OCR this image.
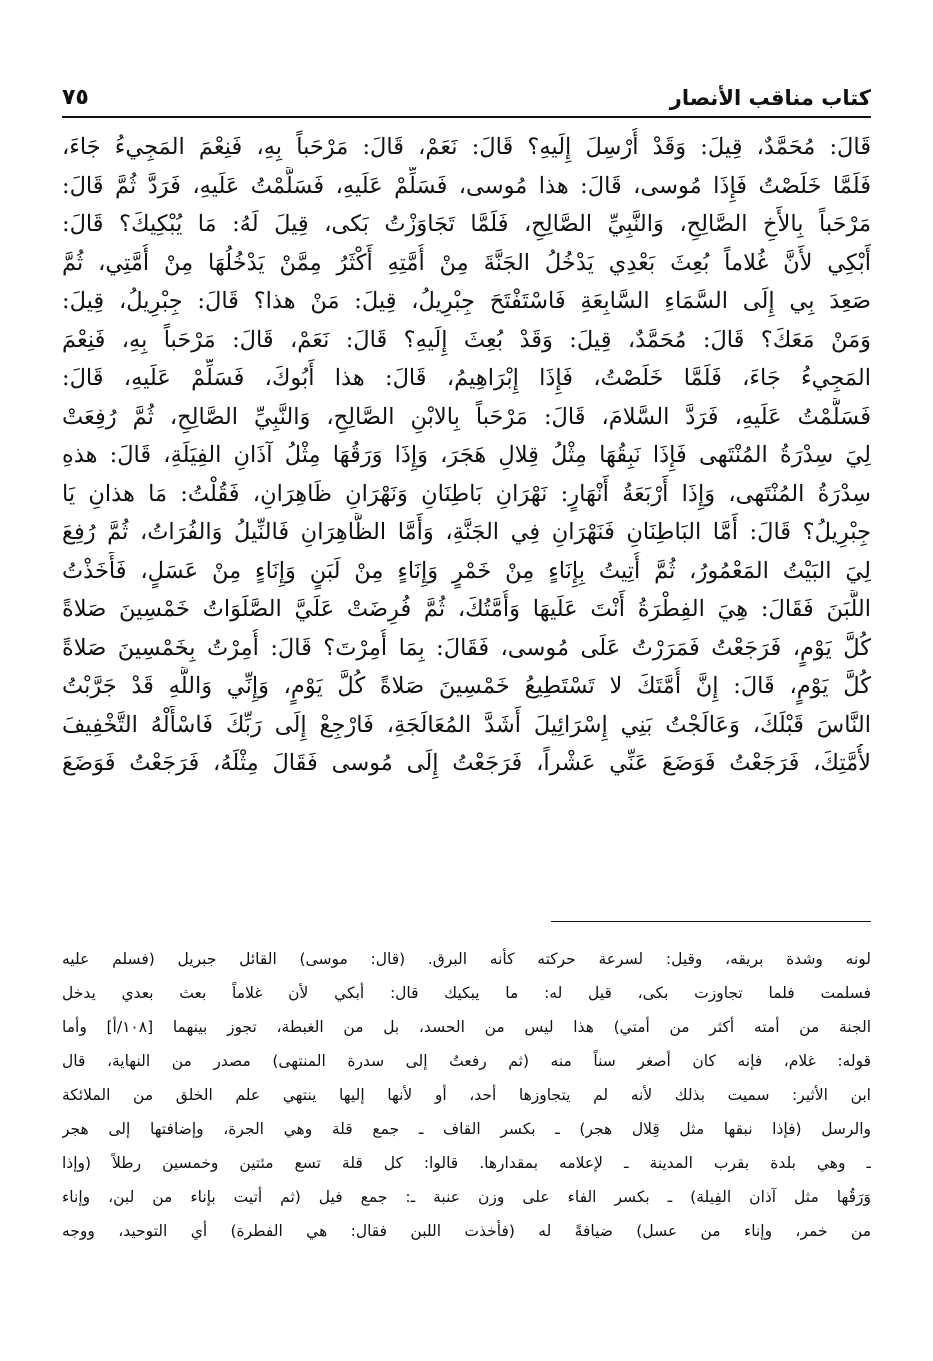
كتاب مناقب الأنصار
٧٥
قَالَ: مُحَمَّدٌ، قِيلَ: وَقَدْ أُرْسِلَ إِلَيهِ؟ قَالَ: نَعَمْ، قَالَ: مَرْحَباً بِهِ، فَنِعْمَ المَجِيءُ جَاءَ،
فَلَمَّا خَلَصْتُ فَإِذَا مُوسى، قَالَ: هذا مُوسى، فَسَلِّمْ عَلَيهِ، فَسَلَّمْتُ عَلَيهِ، فَرَدَّ ثُمَّ قَالَ:
مَرْحَباً بِالأَخِ الصَّالِحِ، وَالنَّبِيِّ الصَّالِحِ، فَلَمَّا تَجَاوَزْتُ بَكى، قِيلَ لَهُ: مَا يُبْكِيكَ؟ قَالَ:
أَبْكِي لأَنَّ غُلاماً بُعِثَ بَعْدِي يَدْخُلُ الجَنَّةَ مِنْ أُمَّتِهِ أَكْثَرُ مِمَّنْ يَدْخُلُهَا مِنْ أُمَّتِي، ثُمَّ
صَعِدَ بِي إِلَى السَّمَاءِ السَّابِعَةِ فَاسْتَفْتَحَ جِبْرِيلُ، قِيلَ: مَنْ هذا؟ قَالَ: جِبْرِيلُ، قِيلَ:
وَمَنْ مَعَكَ؟ قَالَ: مُحَمَّدٌ، قِيلَ: وَقَدْ بُعِثَ إِلَيهِ؟ قَالَ: نَعَمْ، قَالَ: مَرْحَباً بِهِ، فَنِعْمَ
المَجِيءُ جَاءَ، فَلَمَّا خَلَصْتُ، فَإِذَا إِبْرَاهِيمُ، قَالَ: هذا أَبُوكَ، فَسَلِّمْ عَلَيهِ، قَالَ:
فَسَلَّمْتُ عَلَيهِ، فَرَدَّ السَّلامَ، قَالَ: مَرْحَباً بِالابْنِ الصَّالِحِ، وَالنَّبِيِّ الصَّالِحِ، ثُمَّ رُفِعَتْ
لِيَ سِدْرَةُ المُنْتَهى فَإِذَا نَبِقُهَا مِثْلُ قِلالِ هَجَرَ، وَإِذَا وَرَقُهَا مِثْلُ آذَانِ الفِيَلَةِ، قَالَ: هذهِ
سِدْرَةُ المُنْتَهى، وَإِذَا أَرْبَعَةُ أَنْهَارٍ: نَهْرَانِ بَاطِنَانِ وَنَهْرَانِ ظَاهِرَانِ، فَقُلْتُ: مَا هذانِ يَا
جِبْرِيلُ؟ قَالَ: أَمَّا البَاطِنَانِ فَنَهْرَانِ فِي الجَنَّةِ، وَأَمَّا الظَّاهِرَانِ فَالنِّيلُ وَالفُرَاتُ، ثُمَّ رُفِعَ
لِيَ البَيْتُ المَعْمُورُ، ثُمَّ أُتِيتُ بِإِنَاءٍ مِنْ خَمْرٍ وَإِنَاءٍ مِنْ لَبَنٍ وَإِنَاءٍ مِنْ عَسَلٍ، فَأَخَذْتُ
اللَّبَنَ فَقَالَ: هِيَ الفِطْرَةُ أَنْتَ عَلَيهَا وَأُمَّتُكَ، ثُمَّ فُرِضَتْ عَلَيَّ الصَّلَوَاتُ خَمْسِينَ صَلاةً
كُلَّ يَوْمٍ، فَرَجَعْتُ فَمَرَرْتُ عَلَى مُوسى، فَقَالَ: بِمَا أُمِرْتَ؟ قَالَ: أُمِرْتُ بِخَمْسِينَ صَلاةً
كُلَّ يَوْمٍ، قَالَ: إِنَّ أُمَّتَكَ لا تَسْتَطِيعُ خَمْسِينَ صَلاةً كُلَّ يَوْمٍ، وَإِنِّي وَاللَّهِ قَدْ جَرَّبْتُ
النَّاسَ قَبْلَكَ، وَعَالَجْتُ بَنِي إِسْرَائِيلَ أَشَدَّ المُعَالَجَةِ، فَارْجِعْ إِلَى رَبِّكَ فَاسْأَلْهُ التَّخْفِيفَ
لأُمَّتِكَ، فَرَجَعْتُ فَوَضَعَ عَنِّي عَشْراً، فَرَجَعْتُ إِلَى مُوسى فَقَالَ مِثْلَهُ، فَرَجَعْتُ فَوَضَعَ
لونه وشدة بريقه، وقيل: لسرعة حركته كأنه البرق. (قال: موسى) القائل جبريل (فسلم عليه
فسلمت فلما تجاوزت بكى، قيل له: ما يبكيك قال: أبكي لأن غلاماً بعث بعدي يدخل
الجنة من أمته أكثر من أمتي) هذا ليس من الحسد، بل من الغبطة، تجوز بينهما [١٠٨/أ] وأما
قوله: غلام، فإنه كان أصغر سناً منه (ثم رفعتُ إلى سدرة المنتهى) مصدر من النهاية، قال
ابن الأثير: سميت بذلك لأنه لم يتجاوزها أحد، أو لأنها إليها ينتهي علم الخلق من الملائكة
والرسل (فإذا نبقها مثل قِلال هجر) ـ بكسر القاف ـ جمع قلة وهي الجرة، وإضافتها إلى هجر
ـ وهي بلدة بقرب المدينة ـ لإعلامه بمقدارها. قالوا: كل قلة تسع مئتين وخمسين رطلاً (وإذا
وَرَقُها مثل آذان الفِيلة) ـ بكسر الفاء على وزن عنبة ـ: جمع فيل (ثم أتيت بإناء من لبن، وإناء
من خمر، وإناء من عسل) ضيافةً له (فأخذت اللبن فقال: هي الفطرة) أي التوحيد، ووجه
